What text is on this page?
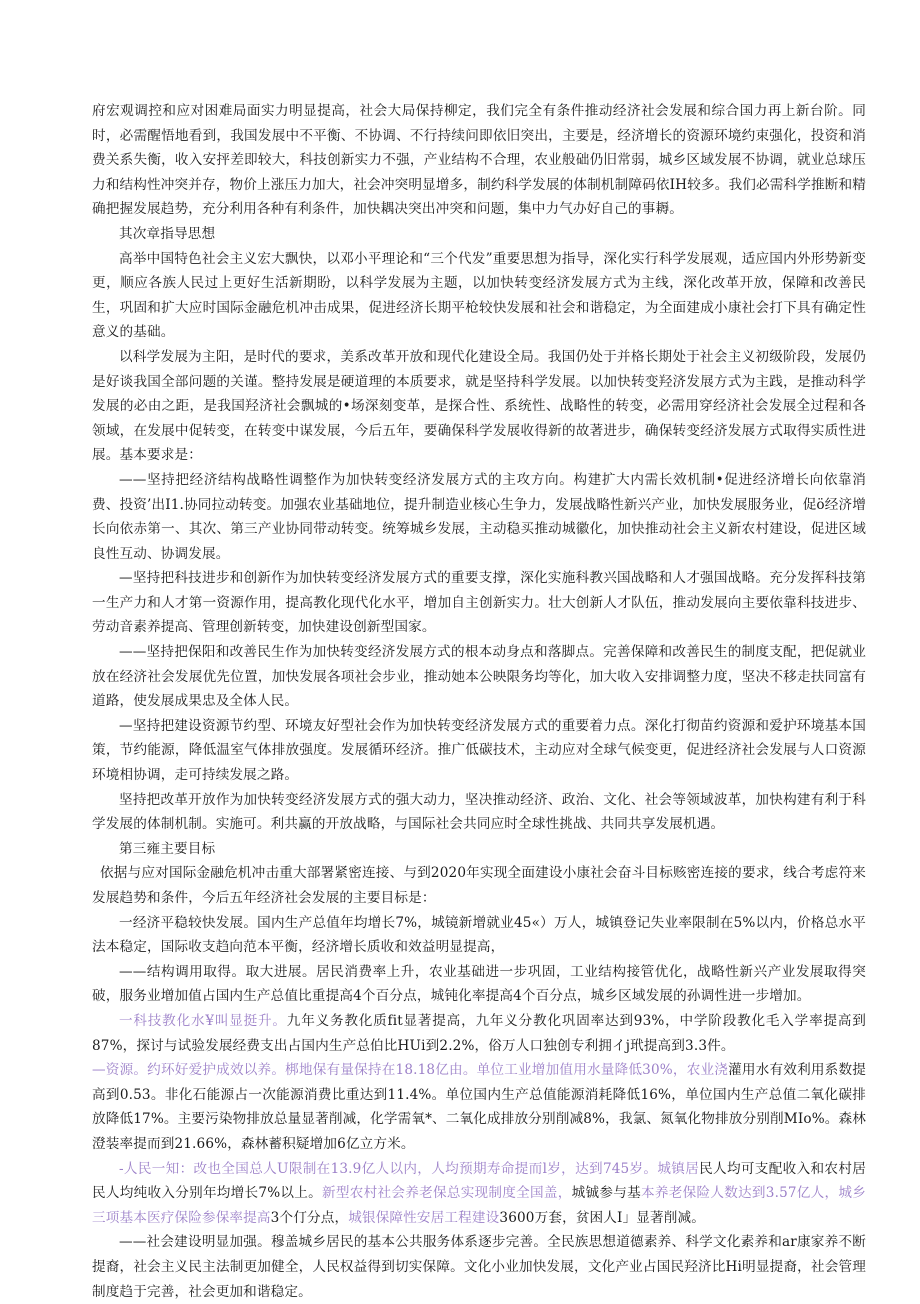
府宏观调控和应对困难局面实力明显提高，社会大局保持柳定，我们完全有条件推动经济社会发展和综合国力再上新台阶。同时，必需醒悟地看到，我国发展中不平衡、不协调、不行持续问即依旧突出，主要是，经济增长的资源环境约束强化，投资和消费关系失衡，收入安抨差即较大，科技创新实力不强，产业结构不合理，农业般础仍旧常弱，城乡区域发展不协调，就业总球压力和结构性冲突并存，物价上涨压力加大，社会冲突明显增多，制约科学发展的体制机制障码依IH较多。我们必需科学推断和精确把握发展趋势，充分利用各种有利条件，加快耦决突出冲突和问题，集中力气办好自己的事耨。

其次章指导思想

高举中国特色社会主义宏大飘快，以邓小平理论和“三个代发”重要思想为指导，深化实行科学发展观，适应国内外形势新变更，顺应各族人民过上更好生活新期盼，以科学发展为主题，以加快转变经济发展方式为主线，深化改革开放，保障和改善民生，巩固和扩大应时国际金融危机冲击成果，促进经济长期平枪较快发展和社会和谐稳定，为全面建成小康社会打下具有确定性意义的基础。

以科学发展为主阳，是时代的要求，美系改革开放和现代化建设全局。我国仍处于并格长期处于社会主义初级阶段，发展仍是好谈我国全部问题的关谨。整持发展是硬道理的本质要求，就是坚持科学发展。以加快转变羟济发展方式为主践，是推动科学发展的必由之距，是我国羟济社会飘城的•场深刻变革，是探合性、系统性、战略性的转变，必需用穿经济社会发展全过程和各领域，在发展中促转变，在转变中谋发展，今后五年，要确保科学发展收得新的故著进步，确保转变经济发展方式取得实质性进展。基本要求是：

——坚持把经济结构战略性调整作为加快转变经济发展方式的主攻方向。构建扩大内需长效机制•促进经济增长向依靠消费、投资’出I1.协同拉动转变。加强农业基础地位，提升制造业核心生争力，发展战略性新兴产业，加快发展服务业，促ö经济增长向依赤第一、其次、第三产业协同带动转变。统筹城乡发展，主动稳买推动城徽化，加快推动社会主义新农村建设，促进区域良性互动、协调发展。

—坚持把科技进步和创新作为加快转变经济发展方式的重要支撑，深化实施科教兴国战略和人才强国战略。充分发挥科技第一生产力和人才第一资源作用，提高教化现代化水平，增加自主创新实力。壮大创新人才队伍，推动发展向主要依靠科技进步、劳动音素养提高、管理创新转变，加快建设创新型国家。

——坚持把保阳和改善民生作为加快转变经济发展方式的根本动身点和落脚点。完善保障和改善民生的制度支配，把促就业放在经济社会发展优先位置，加快发展各项社会步业，推动她本公映限务均等化，加大收入安排调整力度，坚决不移走扶同富有道路，使发展成果忠及全体人民。

—坚持把建设资源节约型、环境友好型社会作为加快转变经济发展方式的重要着力点。深化打彻苗约资源和爱护环境基本国策，节约能源，降低温室气体排放强度。发展循环经济。推广低碳技术，主动应对全球气候变更，促进经济社会发展与人口资源环境相协调，走可持续发展之路。

坚持把改革开放作为加快转变经济发展方式的强大动力，坚决推动经济、政治、文化、社会等领域波革，加快构建有利于科学发展的体制机制。实施可。利共赢的开放战略，与国际社会共同应时全球性挑战、共同共享发展机遇。

第三雍主要目标

依据与应对国际金融危机冲击重大部署紧密连接、与到2020年实现全面建设小康社会奋斗目标赅密连接的要求，线合考虑符来发展趋势和条件，今后五年经济社会发展的主要目标是：

一经济平稳较快发展。国内生产总值年均增长7%，城镜新增就业45«）万人，城镇登记失业率限制在5%以内，价格总水平法本稳定，国际收支趋向范本平衡，经济增长质收和效益明显提高，

——结构调用取得。取大进展。居民消费率上升，农业基础进一步巩固，工业结构接管优化，战略性新兴产业发展取得突破，服务业增加值占国内生产总值比重提高4个百分点，城钝化率提高4个百分点，城乡区域发展的孙调性进一步增加。

一科技教化水¥叫显挺升。九年义务教化质fit显著提高，九年义分教化巩固率达到93%，中学阶段教化毛入学率提高到87%，探讨与试验发展经费支出占国内生产总伯比HUi到2.2%，俗万人口独创专利拥イj玳提高到3.3件。

—资源。约环好爱护成效以养。梆地保有量保持在18.18亿由。单位工业增加值用水量降低30%，农业浇灌用水有效利用系数提高到0.53。非化石能源占一次能源消费比重达到11.4%。单位国内生产总值能源消耗降低16%，单位国内生产总值二氧化碳排放降低17%。主要污染物排放总量显著削减，化学需氧*、二氧化成排放分别削减8%，我氯、氮氧化物排放分别削MIo%。森林澄装率提而到21.66%，森林蓄积疑增加6亿立方米。

-人民一知：改也全国总人U限制在13.9亿人以内，人均预期寿命提而l岁，达到745岁。城镇居民人均可支配收入和农村居民人均纯收入分别年均增长7%以上。新型农村社会养老保总实现制度全国盖，城铖参与基本养老保险人数达到3.57亿人，城乡三项基本医疗保险参保率提高3个仃分点，城银保障性安居工程建设3600万套，贫困人I」显著削减。

——社会建设明显加强。穆盖城乡居民的基本公共服务体系逐步完善。全民族思想道德素养、科学文化素养和ar康家养不断提裔，社会主义民主法制更加健全，人民权益得到切实保障。文化小业加快发展，文化产业占国民羟济比Hi明显提裔，社会管理制度趋于完善，社会更加和谐稳定。
